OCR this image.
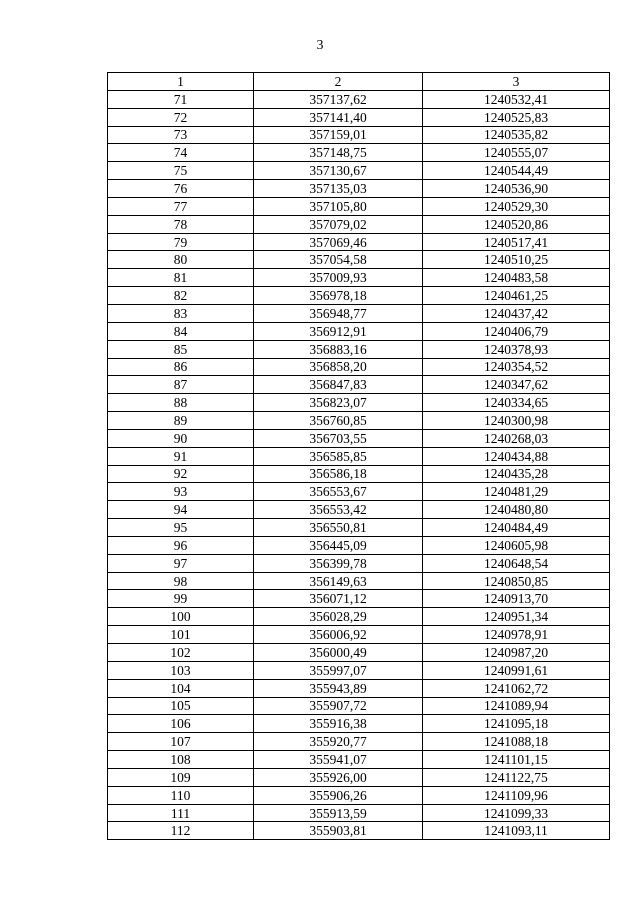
3
1	2	3
71	357137,62	1240532,41
72	357141,40	1240525,83
73	357159,01	1240535,82
74	357148,75	1240555,07
75	357130,67	1240544,49
76	357135,03	1240536,90
77	357105,80	1240529,30
78	357079,02	1240520,86
79	357069,46	1240517,41
80	357054,58	1240510,25
81	357009,93	1240483,58
82	356978,18	1240461,25
83	356948,77	1240437,42
84	356912,91	1240406,79
85	356883,16	1240378,93
86	356858,20	1240354,52
87	356847,83	1240347,62
88	356823,07	1240334,65
89	356760,85	1240300,98
90	356703,55	1240268,03
91	356585,85	1240434,88
92	356586,18	1240435,28
93	356553,67	1240481,29
94	356553,42	1240480,80
95	356550,81	1240484,49
96	356445,09	1240605,98
97	356399,78	1240648,54
98	356149,63	1240850,85
99	356071,12	1240913,70
100	356028,29	1240951,34
101	356006,92	1240978,91
102	356000,49	1240987,20
103	355997,07	1240991,61
104	355943,89	1241062,72
105	355907,72	1241089,94
106	355916,38	1241095,18
107	355920,77	1241088,18
108	355941,07	1241101,15
109	355926,00	1241122,75
110	355906,26	1241109,96
111	355913,59	1241099,33
112	355903,81	1241093,11
